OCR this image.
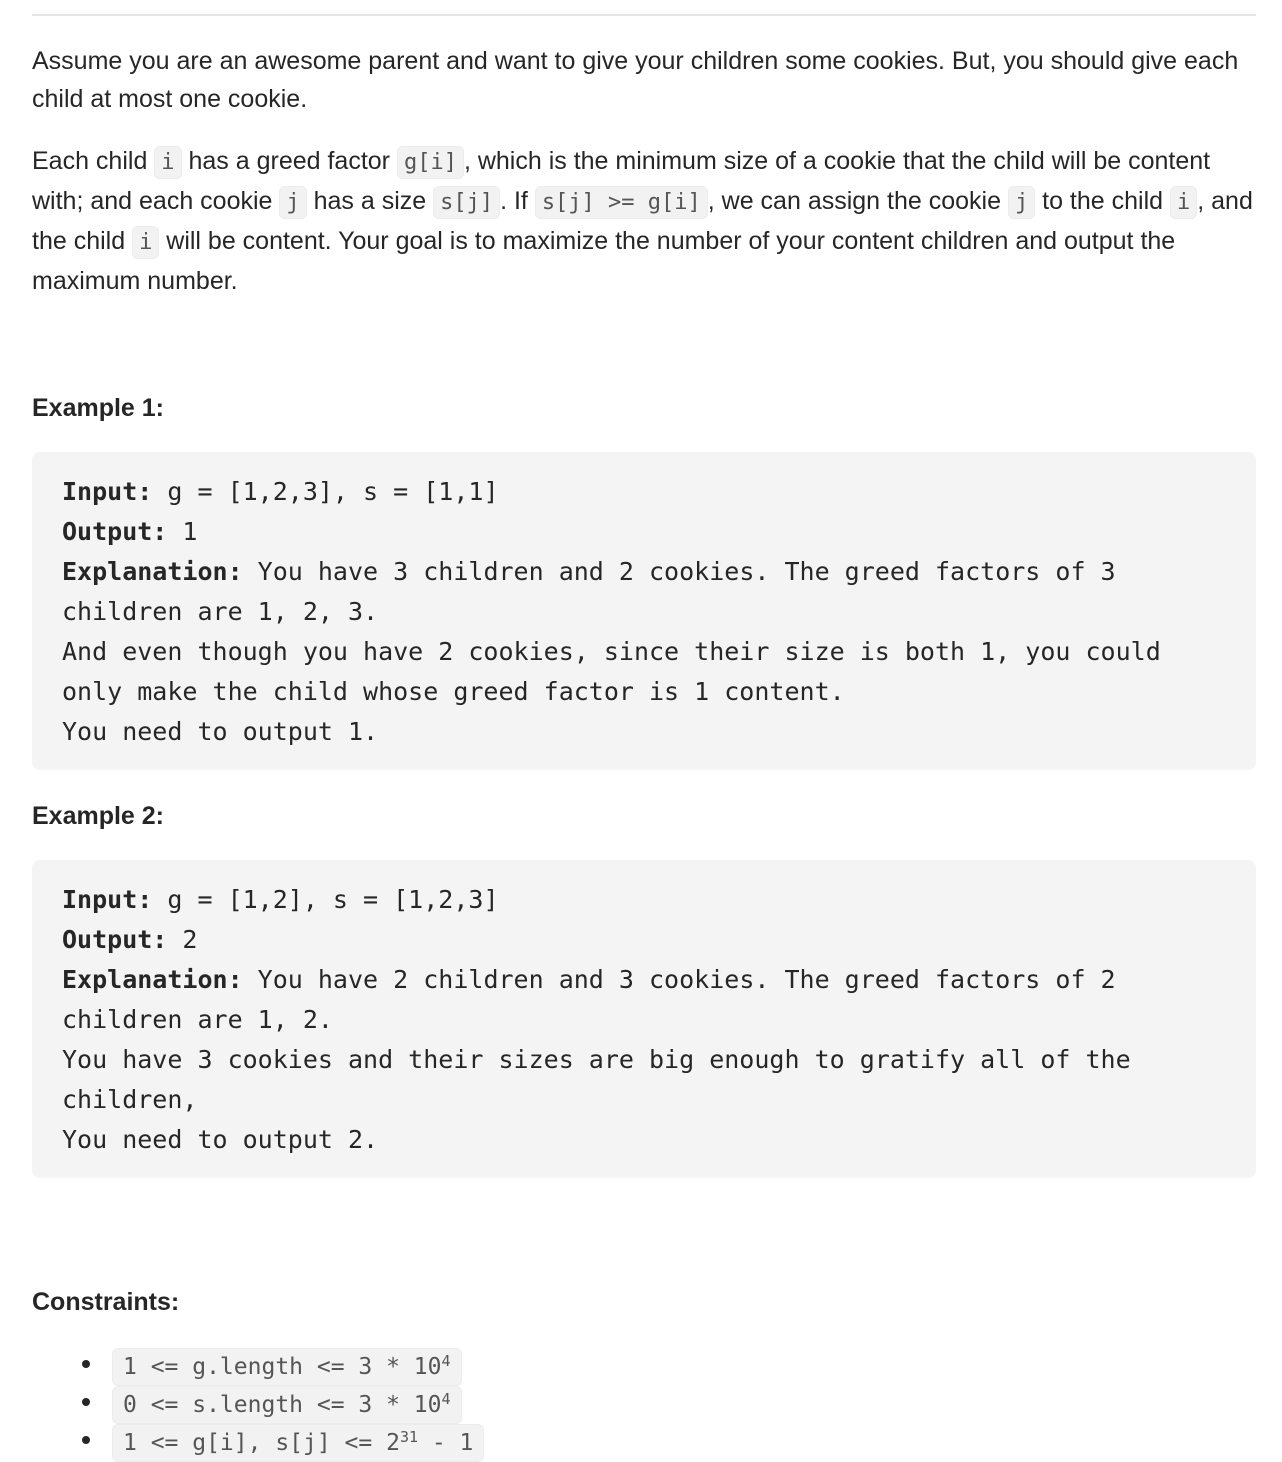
Assume you are an awesome parent and want to give your children some cookies. But, you should give each child at most one cookie.

Each child i has a greed factor g[i] , which is the minimum size of a cookie that the child will be content with; and each cookie j has a size s[j] . If s[j] >= g[i] , we can assign the cookie j to the child i , and the child i will be content. Your goal is to maximize the number of your content children and output the maximum number.

Example 1:
Input: g = [1,2,3], s = [1,1]
Output: 1
Explanation: You have 3 children and 2 cookies. The greed factors of 3 children are 1, 2, 3.
And even though you have 2 cookies, since their size is both 1, you could only make the child whose greed factor is 1 content.
You need to output 1.
Example 2:
Input: g = [1,2], s = [1,2,3]
Output: 2
Explanation: You have 2 children and 3 cookies. The greed factors of 2 children are 1, 2.
You have 3 cookies and their sizes are big enough to gratify all of the children,
You need to output 2.
Constraints:
1 <= g.length <= $3 * 10^4$
0 <= s.length <= $3 * 10^4$
1 <= g[i], $s[j] <= 2^{31} - 1$
